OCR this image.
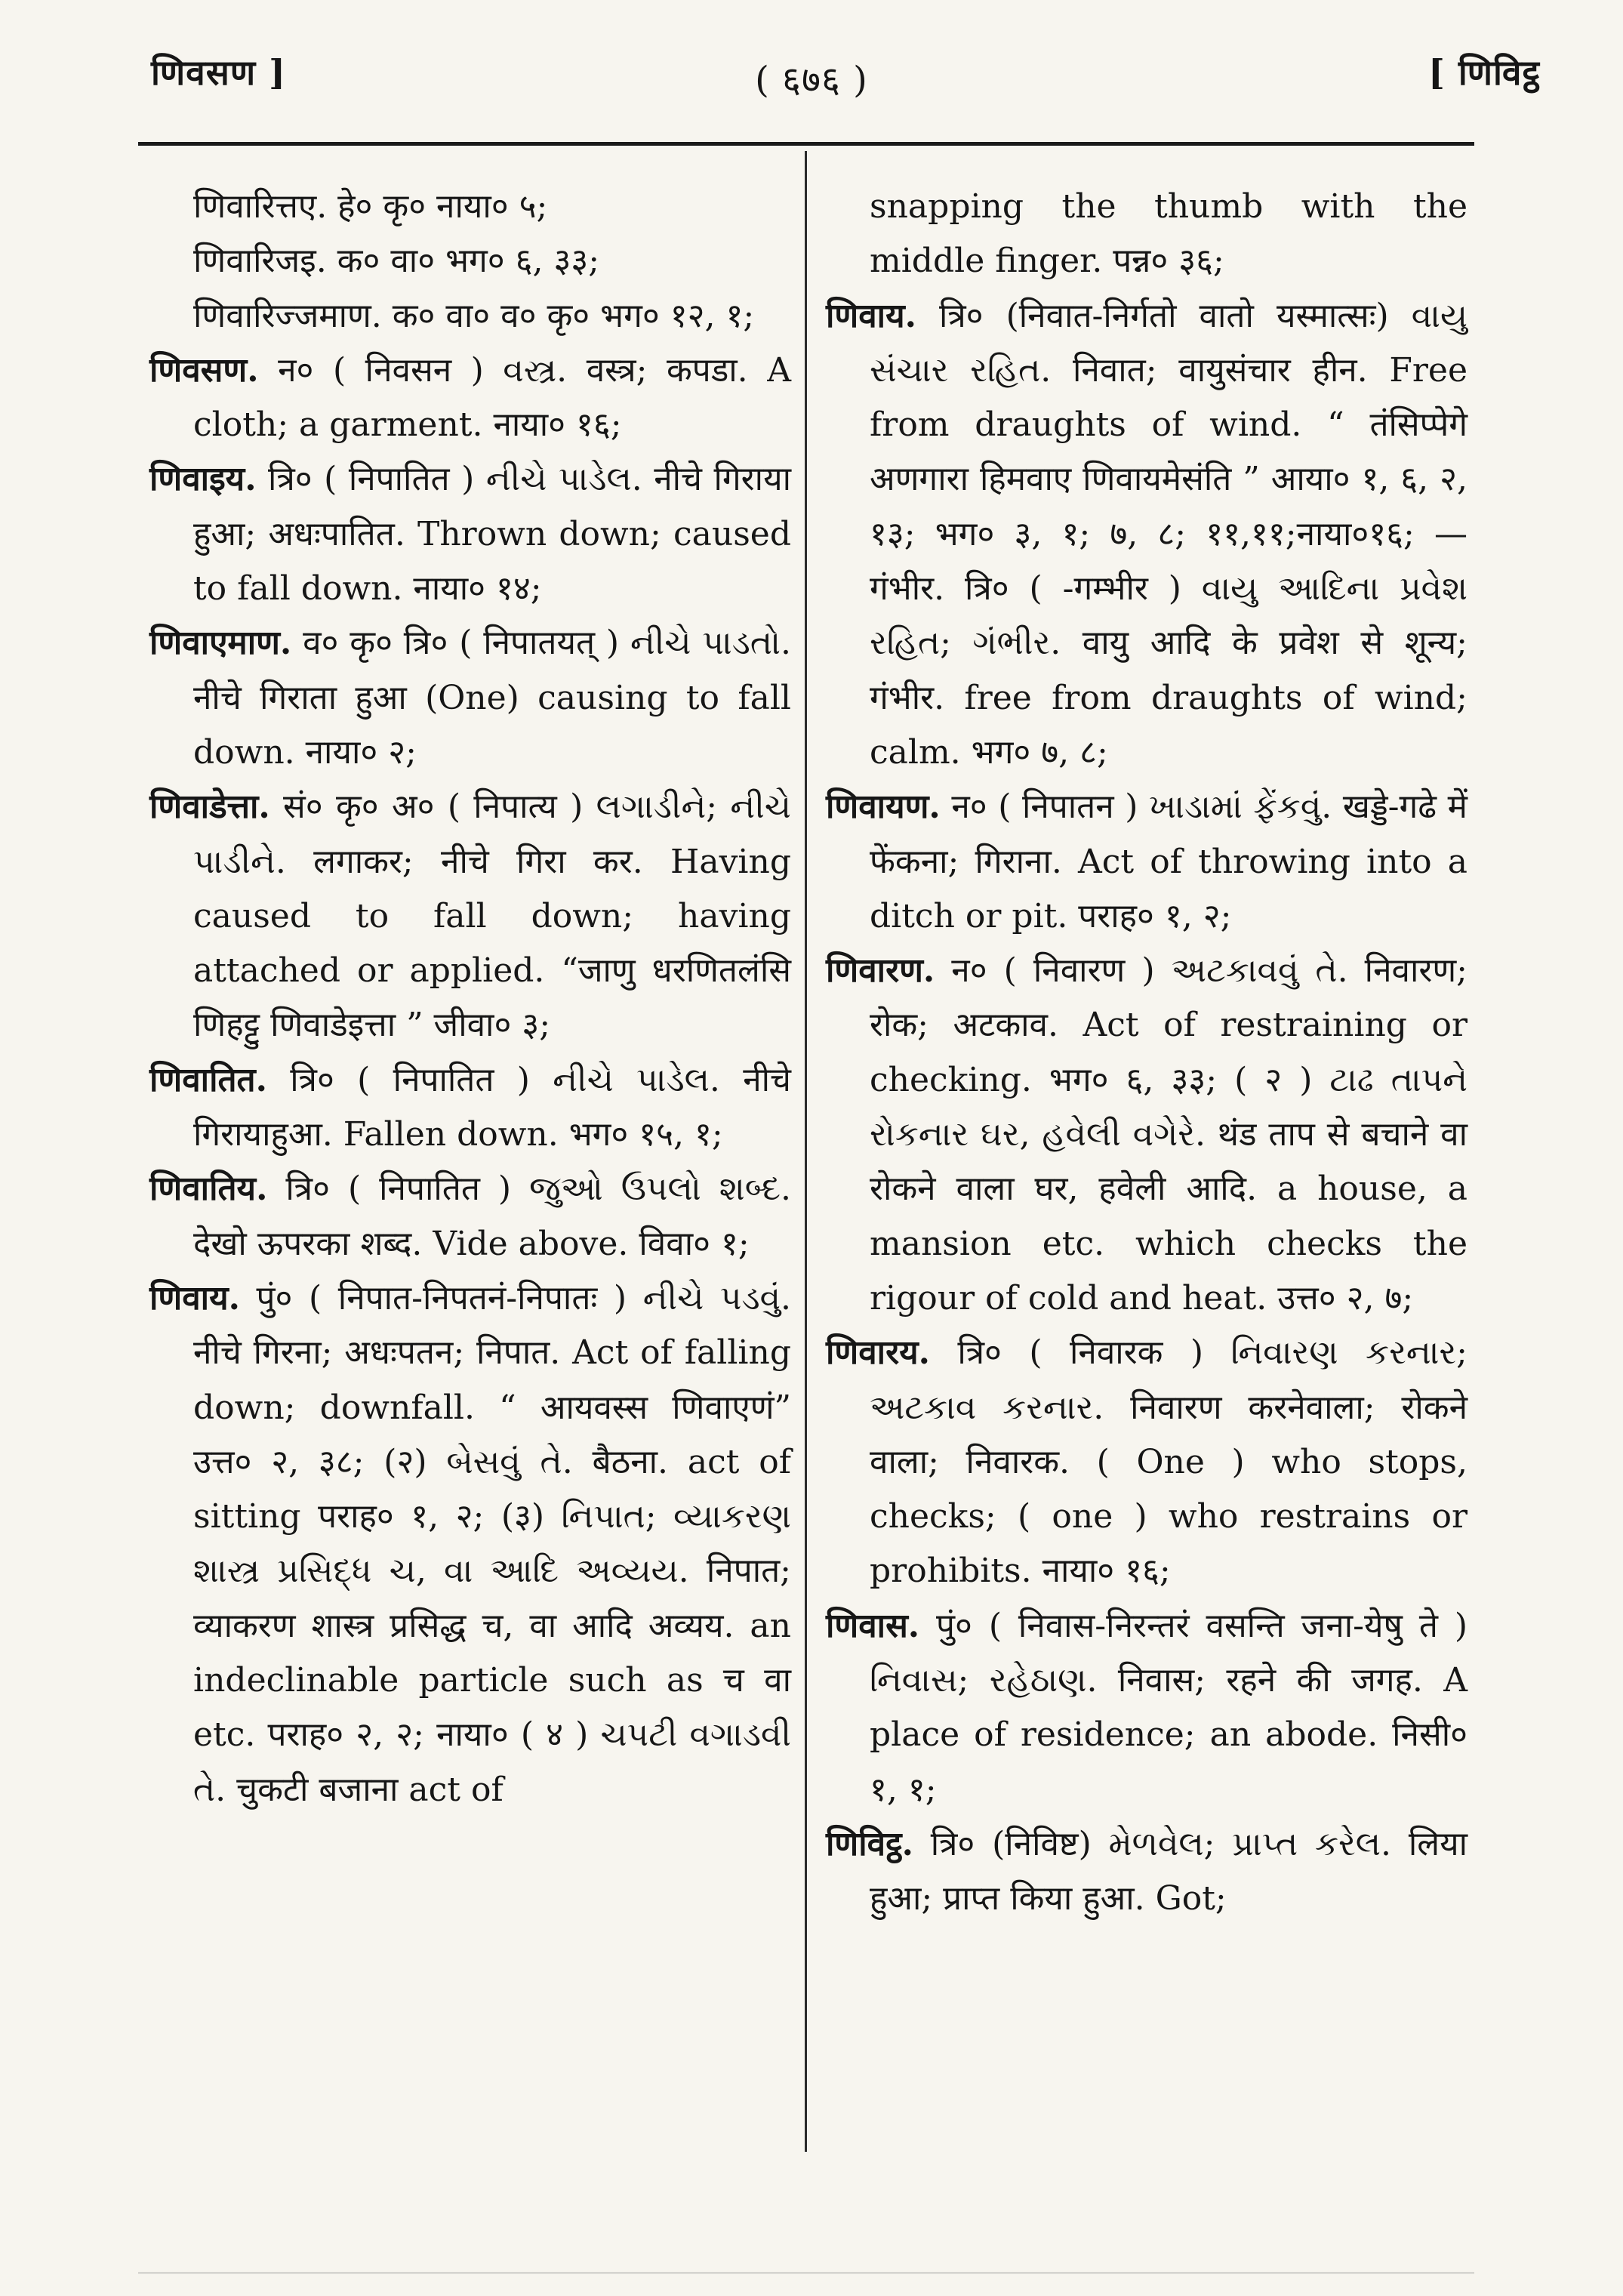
णिवसण ]	( ६७६ )	[ णिविट्ठ

णिवारित्तए. हे० कृ० नाया० ५;

णिवारिजइ. क० वा० भग० ६, ३३;

णिवारिज्जमाण. क० वा० व० कृ० भग० १२, १;

णिवसण. न० ( निवसन ) વસ્ત્ર. वस्त्र; कपडा. A cloth; a garment. नाया० १६;

णिवाइय. त्रि० ( निपातित ) નીચે પાડેલ. नीचे गिराया हुआ; अधःपातित. Thrown down; caused to fall down. नाया० १४;

णिवाएमाण. व० कृ० त्रि० ( निपातयत् ) નીચે પાડતો. नीचे गिराता हुआ (One) causing to fall down. नाया० २;

णिवाडेत्ता. सं० कृ० अ० ( निपात्य ) લગાડીને; નીચે પાડીને. लगाकर; नीचे गिरा कर. Having caused to fall down; having attached or applied. “जाणु धरणितलंसि णिहट्टु णिवाडेइत्ता ” जीवा० ३;

णिवातित. त्रि० ( निपातित ) નીચે પાડેલ. नीचे गिरायाहुआ. Fallen down. भग० १५, १;

णिवातिय. त्रि० ( निपातित ) જુઓ ઉપલો શબ્દ. देखो ऊपरका शब्द. Vide above. विवा० १;

णिवाय. पुं० ( निपात-निपतनं-निपातः ) નીચે પડવું. नीचे गिरना; अधःपतन; निपात. Act of falling down; downfall. “ आयवस्स णिवाएणं” उत्त० २, ३८; (२) બેસવું તે. बैठना. act of sitting पराह० १, २; (३) નિપાત; વ્યાકરણ શાસ્ત્ર પ્રસિદ્ધ ચ, વા આદિ અવ્યય. निपात; व्याकरण शास्त्र प्रसिद्ध च, वा आदि अव्यय. an indeclinable particle such as च वा etc. पराह० २, २; नाया० ( ४ ) ચપટી વગાડવી તે. चुकटी बजाना act of

snapping the thumb with the middle finger. पन्न० ३६;

णिवाय. त्रि० (निवात-निर्गतो वातो यस्मात्सः) વાયુ સંચાર રહિત. निवात; वायुसंचार हीन. Free from draughts of wind. “ तंसिप्पेगे अणगारा हिमवाए णिवायमेसंति ” आया० १, ६, २, १३; भग० ३, १; ७, ८; ११,११;नाया०१६; —गंभीर. त्रि० ( -गम्भीर ) વાયુ આદિના પ્રવેશ રહિત; ગંભીર. वायु आदि के प्रवेश से शून्य; गंभीर. free from draughts of wind; calm. भग० ७, ८;

णिवायण. न० ( निपातन ) ખાડામાં ફેંકવું. खड्डे-गढे में फेंकना; गिराना. Act of throwing into a ditch or pit. पराह० १, २;

णिवारण. न० ( निवारण ) અટકાવવું તે. निवारण; रोक; अटकाव. Act of restraining or checking. भग० ६, ३३; ( २ ) ટાઢ તાપને રોકનાર ઘર, હવેલી વગેરે. थंड ताप से बचाने वा रोकने वाला घर, हवेली आदि. a house, a mansion etc. which checks the rigour of cold and heat. उत्त० २, ७;

णिवारय. त्रि० ( निवारक ) નિવારણ કરનાર; અટકાવ કરનાર. निवारण करनेवाला; रोकने वाला; निवारक. ( One ) who stops, checks; ( one ) who restrains or prohibits. नाया० १६;

णिवास. पुं० ( निवास-निरन्तरं वसन्ति जना-येषु ते ) નિવાસ; રહેઠાણ. निवास; रहने की जगह. A place of residence; an abode. निसी० १, १;

णिविट्ठ. त्रि० (निविष्ट) મેળવેલ; પ્રાપ્ત કરેલ. लिया हुआ; प्राप्त किया हुआ. Got;
